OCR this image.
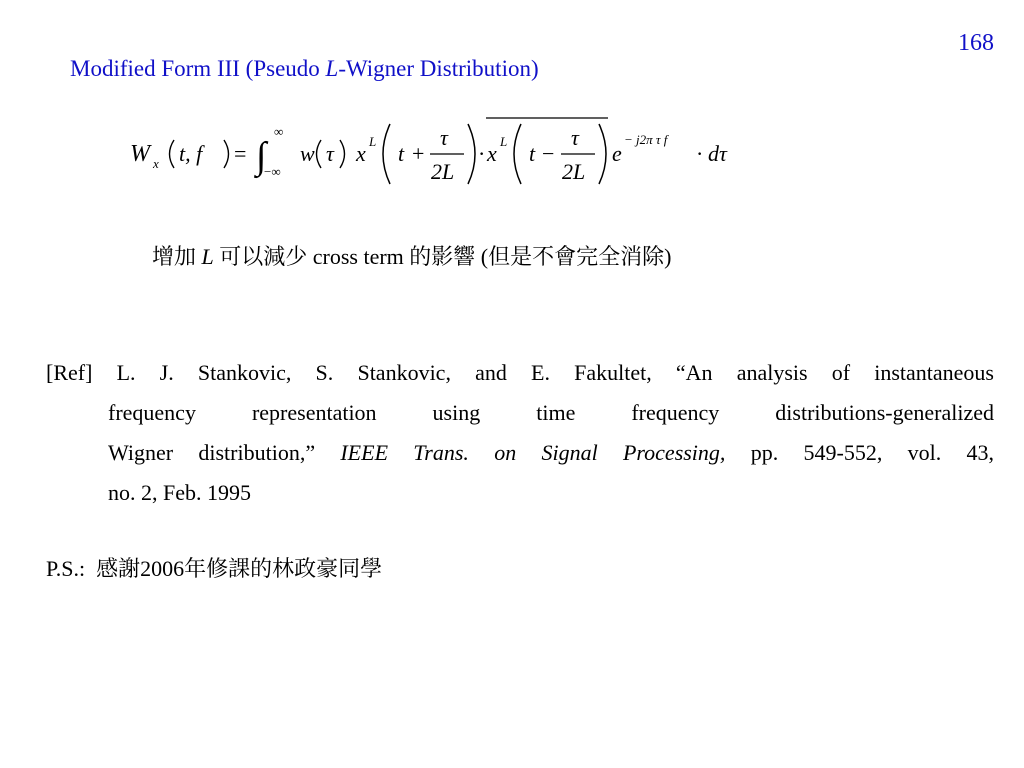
168
Modified Form III (Pseudo L-Wigner Distribution)
W x t, f = ∫
∞
−∞
w τ x L t +
τ
2L
· x L t −
τ
2L
e
− j2π τ f
· dτ
增加 L 可以減少 cross term 的影響 (但是不會完全消除)
[Ref] L. J. Stankovic, S. Stankovic, and E. Fakultet, “An analysis of instantaneous
frequency representation using time frequency distributions-generalized
Wigner distribution,” IEEE Trans. on Signal Processing, pp. 549-552, vol. 43,
no. 2, Feb. 1995
P.S.: 感謝2006年修課的林政豪同學
